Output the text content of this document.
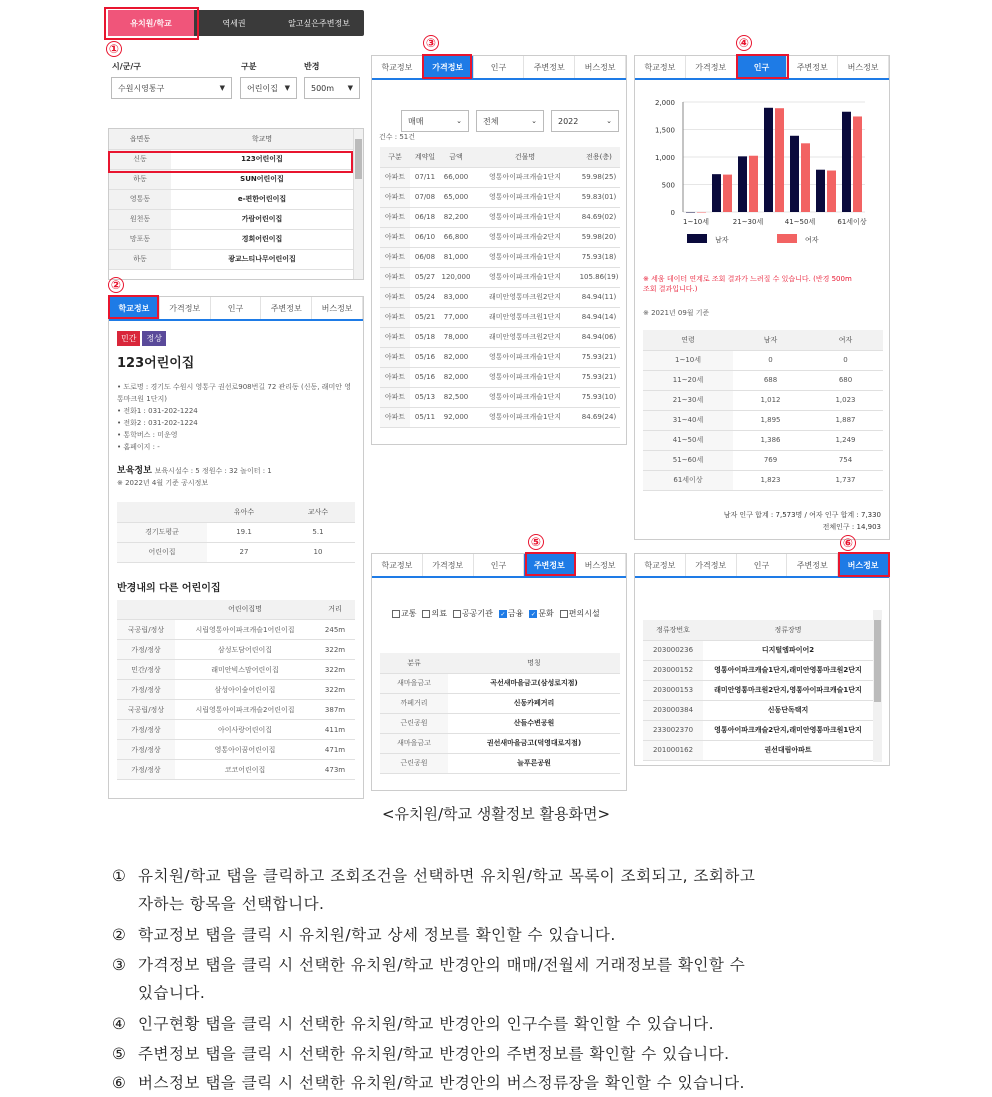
유치원/학교	역세권	알고싶은주변정보
①
시/군/구	구분	반경
수원시영통구	▼	어린이집 ▼	500m ▼
읍면동	학교명
신동	123어린이집
하동	SUN어린이집
영통동	e-편한어린이집
원천동	가람어린이집
망포동	경희어린이집
하동	광교느티나무어린이집
②
학교정보	가격정보	인구	주변정보	버스정보
민간	정상
123어린이집
• 도로명 : 경기도 수원시 영통구 권선로908번길 72 관리동 (신동, 래미안 영통마크원 1단지)
• 전화1 : 031-202-1224
• 전화2 : 031-202-1224
• 통학버스 : 미운영
• 홈페이지 : -
보육정보 보육시설수 : 5 정원수 : 32 놀이터 : 1
※ 2022년 4월 기준 공시정보
	유아수	교사수
경기도평균	19.1	5.1
어린이집	27	10
반경내의 다른 어린이집
	어린이집명	거리
국공립/정상	시립영통아이파크캐슬1어린이집	245m
가정/정상	삼성도담어린이집	322m
민간/정상	래미안빅스맘어린이집	322m
가정/정상	삼성아이숲어린이집	322m
국공립/정상	시립영통아이파크캐슬2어린이집	387m
가정/정상	아이사랑어린이집	411m
가정/정상	영통아이꿈어린이집	471m
가정/정상	코코어린이집	473m
③
학교정보	가격정보	인구	주변정보	버스정보
매매	⌄	전체	⌄	2022	⌄
건수 : 51건
구분	계약일	금액	건물명	전용(층)
아파트	07/11	66,000	영통아이파크캐슬1단지	59.98(25)
아파트	07/08	65,000	영통아이파크캐슬1단지	59.83(01)
아파트	06/18	82,200	영통아이파크캐슬1단지	84.69(02)
아파트	06/10	66,800	영통아이파크캐슬2단지	59.98(20)
아파트	06/08	81,000	영통아이파크캐슬1단지	75.93(18)
아파트	05/27	120,000	영통아이파크캐슬1단지	105.86(19)
아파트	05/24	83,000	래미안영통마크원2단지	84.94(11)
아파트	05/21	77,000	래미안영통마크원1단지	84.94(14)
아파트	05/18	78,000	래미안영통마크원2단지	84.94(06)
아파트	05/16	82,000	영통아이파크캐슬1단지	75.93(21)
아파트	05/16	82,000	영통아이파크캐슬1단지	75.93(21)
아파트	05/13	82,500	영통아이파크캐슬1단지	75.93(10)
아파트	05/11	92,000	영통아이파크캐슬1단지	84.69(24)
④
학교정보	가격정보	인구	주변정보	버스정보
0
500
1,000
1,500
2,000
1~10세	21~30세	41~50세	61세이상
남자	여자
※ 세움 데이터 연계로 조회 결과가 느려질 수 있습니다. (반경 500m 조회 결과입니다.)
※ 2021년 09월 기준
연령	남자	여자
1~10세	0	0
11~20세	688	680
21~30세	1,012	1,023
31~40세	1,895	1,887
41~50세	1,386	1,249
51~60세	769	754
61세이상	1,823	1,737
남자 인구 합계 : 7,573명 / 여자 인구 합계 : 7,330
전체인구 : 14,903
⑤
학교정보	가격정보	인구	주변정보	버스정보
교통 의료 공공기관 ✓ 금융 ✓ 문화 편의시설
분류	명칭
새마을금고	곡선새마을금고(삼성로지점)
까페거리	신동카페거리
근린공원	산들수변공원
새마을금고	권선새마을금고(덕영대로지점)
근린공원	늘푸른공원
⑥
학교정보	가격정보	인구	주변정보	버스정보
정류장번호	정류장명
203000236	디지털엠파이어2
203000152	영통아이파크캐슬1단지,래미안영통마크원2단지
203000153	래미안영통마크원2단지,영통아이파크캐슬1단지
203000384	신동단독택지
233002370	영통아이파크캐슬2단지,래미안영통마크원1단지
201000162	권선대림아파트
<유치원/학교 생활정보 활용화면>
① 유치원/학교 탭을 클릭하고 조회조건을 선택하면 유치원/학교 목록이 조회되고, 조회하고
자하는 항목을 선택합니다.
② 학교정보 탭을 클릭 시 유치원/학교 상세 정보를 확인할 수 있습니다.
③ 가격정보 탭을 클릭 시 선택한 유치원/학교 반경안의 매매/전월세 거래정보를 확인할 수
있습니다.
④ 인구현황 탭을 클릭 시 선택한 유치원/학교 반경안의 인구수를 확인할 수 있습니다.
⑤ 주변정보 탭을 클릭 시 선택한 유치원/학교 반경안의 주변정보를 확인할 수 있습니다.
⑥ 버스정보 탭을 클릭 시 선택한 유치원/학교 반경안의 버스정류장을 확인할 수 있습니다.
